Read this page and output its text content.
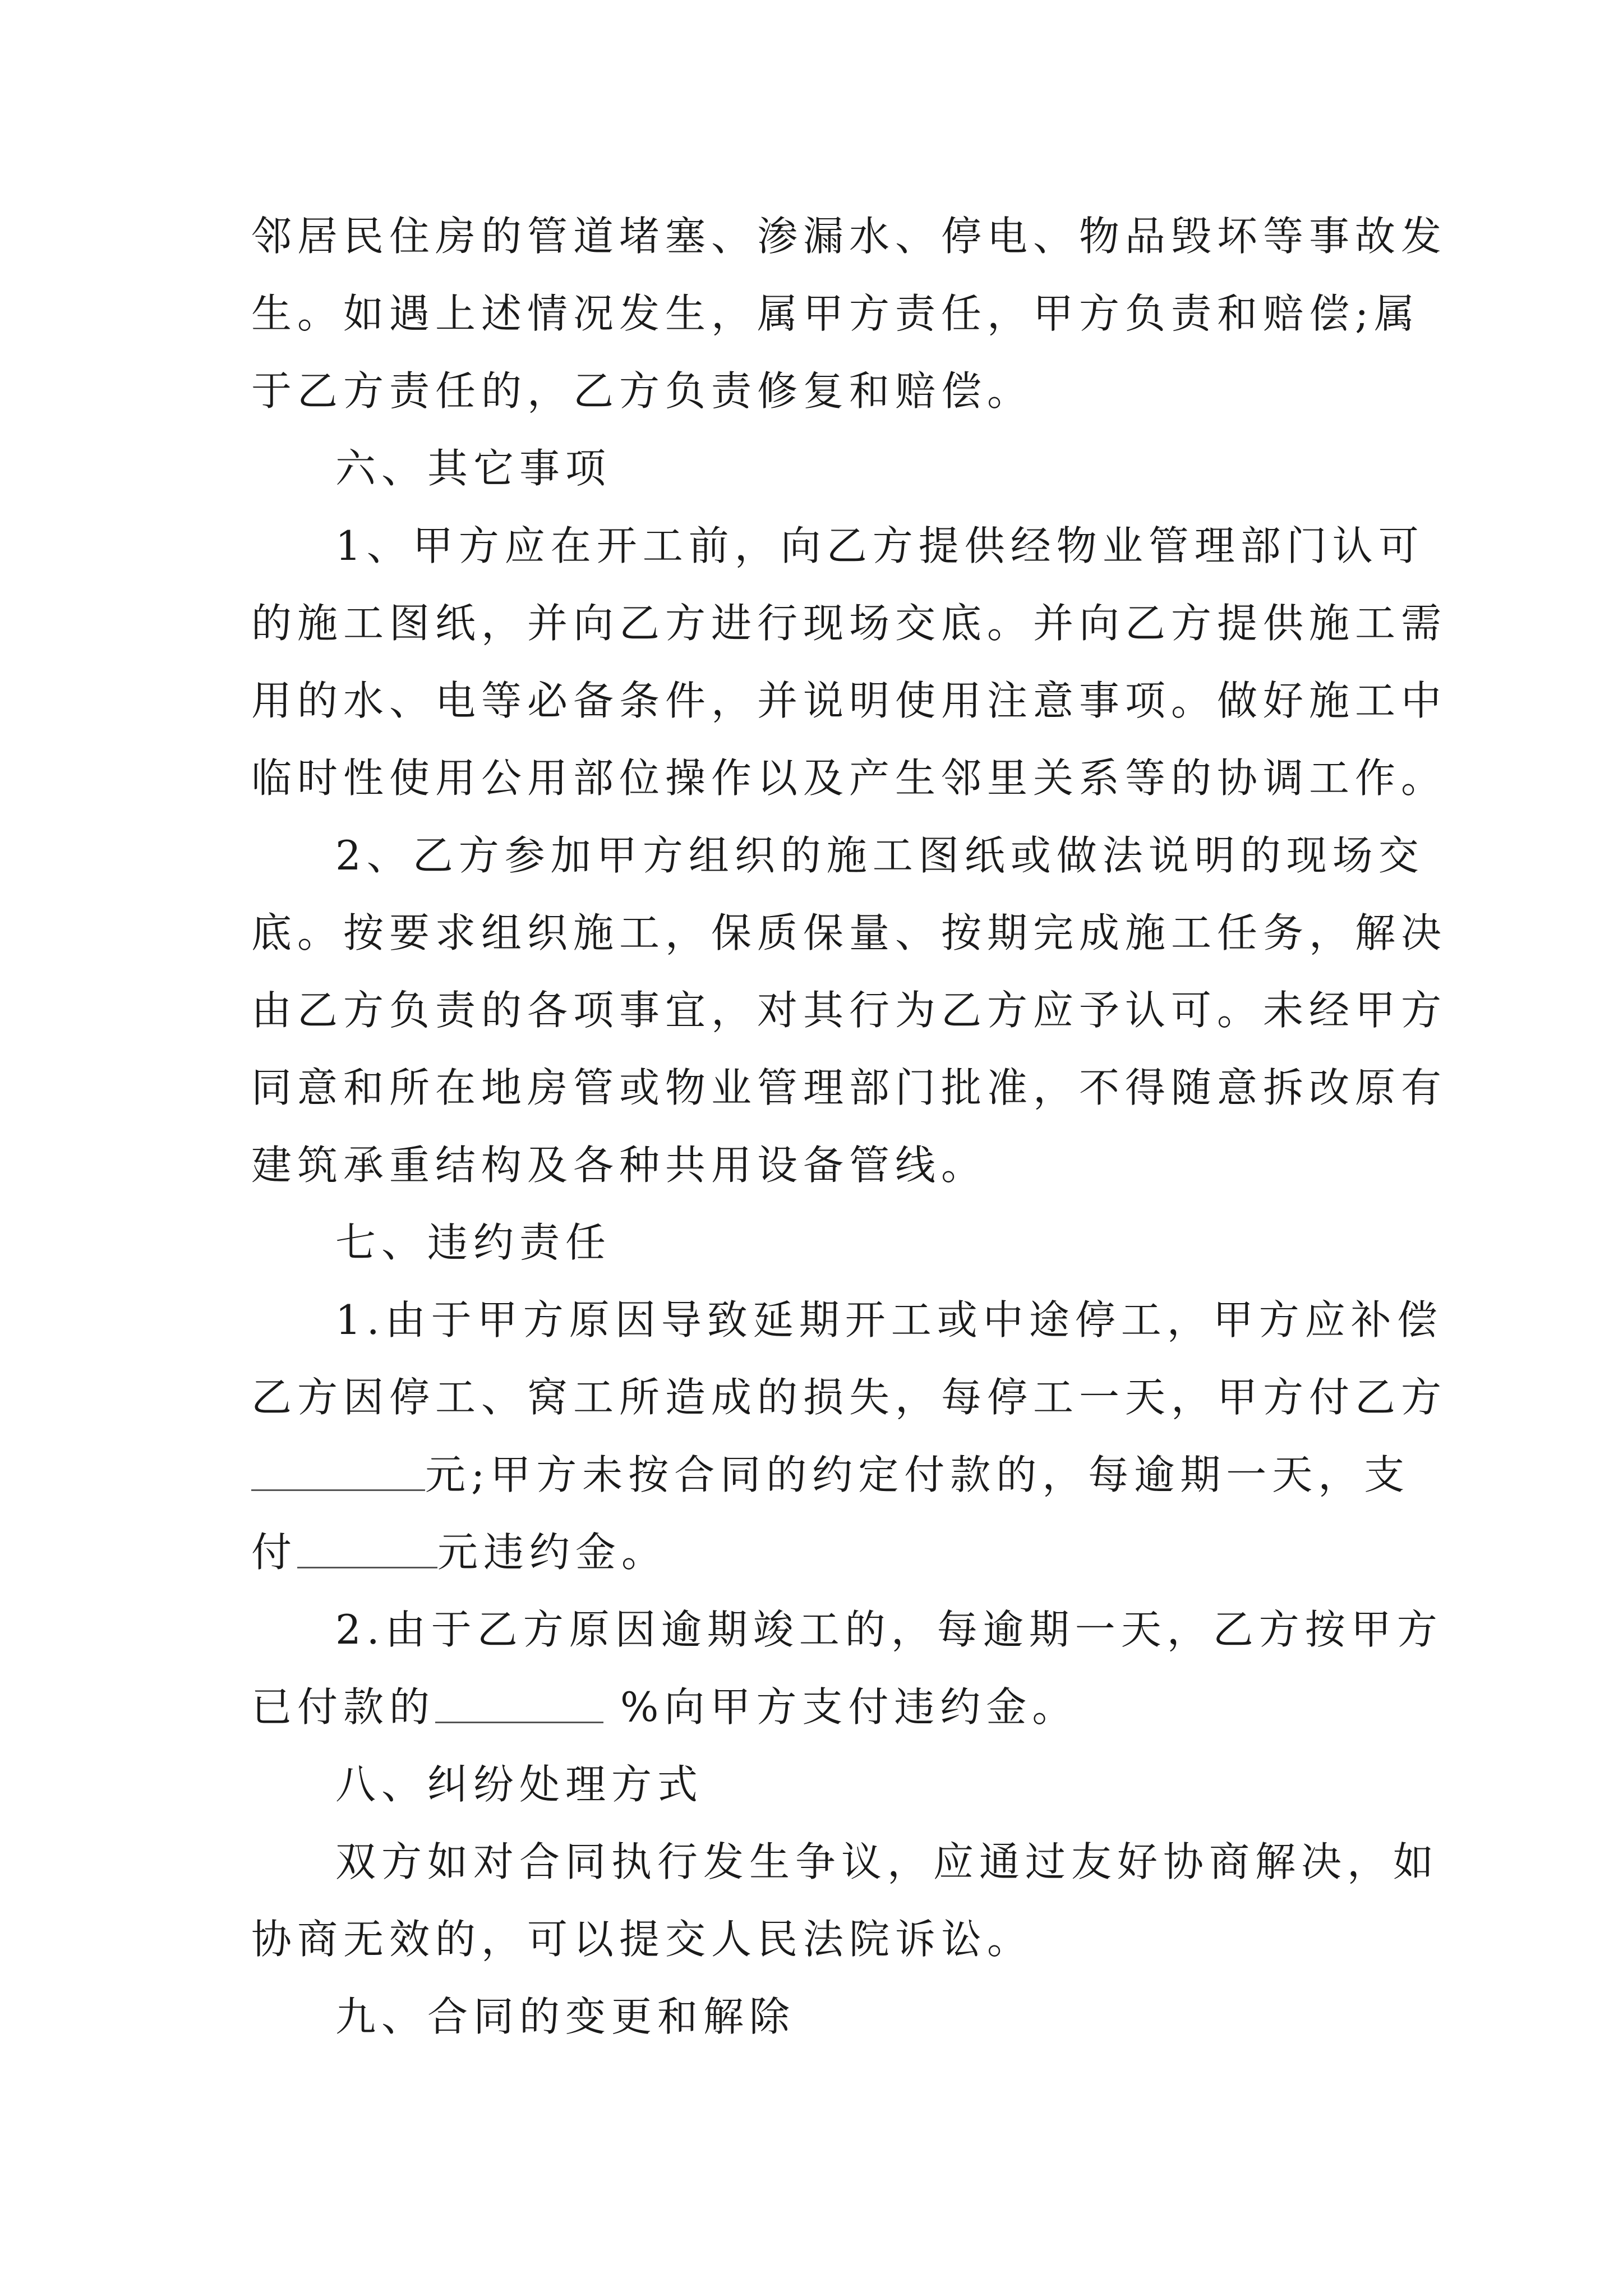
邻居民住房的管道堵塞、渗漏水、停电、物品毁坏等事故发
生。如遇上述情况发生，属甲方责任，甲方负责和赔偿;属
于乙方责任的，乙方负责修复和赔偿。
六、其它事项
1、甲方应在开工前，向乙方提供经物业管理部门认可
的施工图纸，并向乙方进行现场交底。并向乙方提供施工需
用的水、电等必备条件，并说明使用注意事项。做好施工中
临时性使用公用部位操作以及产生邻里关系等的协调工作。
2、乙方参加甲方组织的施工图纸或做法说明的现场交
底。按要求组织施工，保质保量、按期完成施工任务，解决
由乙方负责的各项事宜，对其行为乙方应予认可。未经甲方
同意和所在地房管或物业管理部门批准，不得随意拆改原有
建筑承重结构及各种共用设备管线。
七、违约责任
1.由于甲方原因导致延期开工或中途停工，甲方应补偿
乙方因停工、窝工所造成的损失，每停工一天，甲方付乙方
元;甲方未按合同的约定付款的，每逾期一天，支
付	元违约金。
2.由于乙方原因逾期竣工的，每逾期一天，乙方按甲方
已付款的	%向甲方支付违约金。
八、纠纷处理方式
双方如对合同执行发生争议，应通过友好协商解决，如
协商无效的，可以提交人民法院诉讼。
九、合同的变更和解除
